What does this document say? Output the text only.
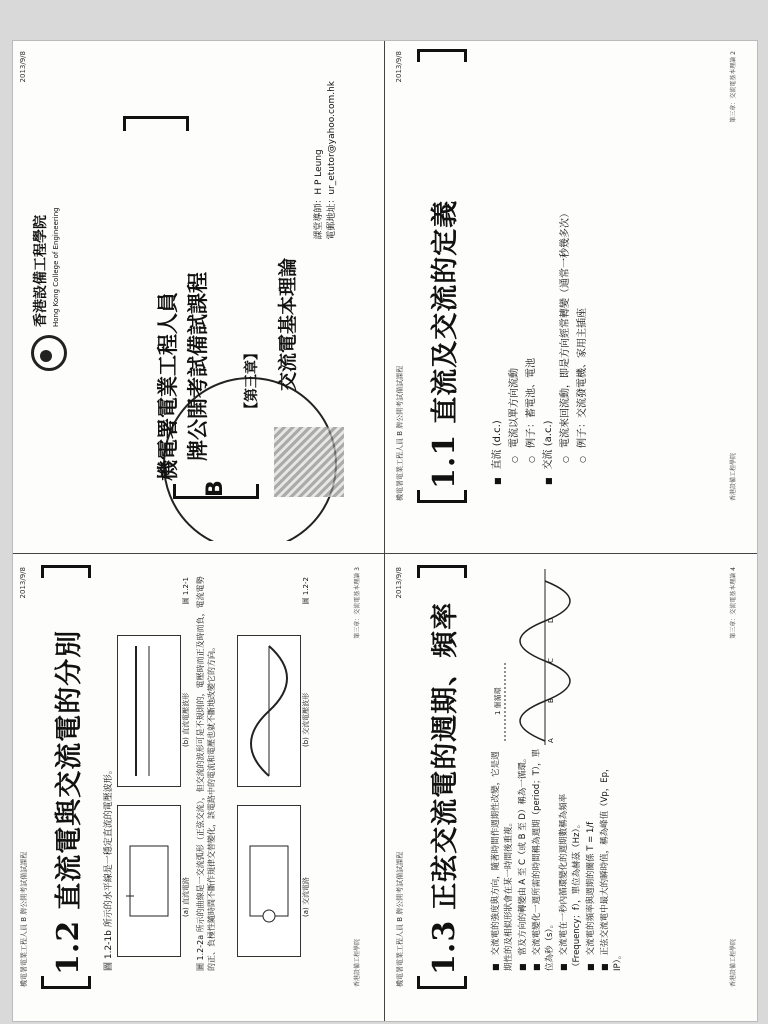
2013/9/8
香港設備工程學院 Hong Kong College of Engineering
機電署電業工程人員 牌公開考試備試課程
B
【第三章】 交流電基本理論
課堂導師：H P Leung 電郵地址：ur_etutor@yahoo.com.hk
機電署電業工程人員 B 牌公開考試備試課程
2013/9/8
1.1直流及交流的定義
■ 直流 (d.c.) ○ 電流以單方向流動 ○ 例子：蓄電池、電池 ■ 交流 (a.c.) ○ 電流來回流動，即是方向經常轉變（通常一秒幾多次） ○ 例子：交流發電機、家用主插座
香港設備工程學院
第三章：交流電基本理論 2
機電署電業工程人員 B 牌公開考試備試課程
2013/9/8
1.2直流電與交流電的分別	圖 1.2-1b 所示的水平線是一穩定直流的電壓波形。	(a) 直流電路
(b) 直流電壓波形
圖 1.2-1 圖 1.2-2a 所示的曲線是一交流弧形（正弦交流），但交流的波形可是不規則的，電壓時而正及時而負，電流電勢的正、負極性隨時間不斷作規律交替變化，該電路中的電流和電壓也就不斷地改變它的方向。	(a) 交流電路
(b) 交流電壓波形
圖 1.2-2
香港設備工程學院
第三章：交流電基本理論 3
機電署電業工程人員 B 牌公開考試備試課程
2013/9/8
1.3正弦交流電的週期、頻率	■ 交流電的強度與方向，隨著時間作週期性改變，它是週期性的及相似形狀會在某一時間後重複。 ■ 當及方向的轉變由 A 至 C（或 B 至 D）稱為一循環。 ■ 交流電變化一週所需的時間稱為週期（period；T），單位為秒（s）。 ■ 交流電在一秒內循環變化的週期數稱為頻率（Frequency；f），單位為赫茲（Hz）。 ■ 交流電的頻率與週期的關係 T = 1/f ■ 正弦交流電中最大的瞬時值，稱為峰值（Vp，Ep，IP）。
A
B
C
D
1 個循環
香港設備工程學院
第三章：交流電基本理論 4
